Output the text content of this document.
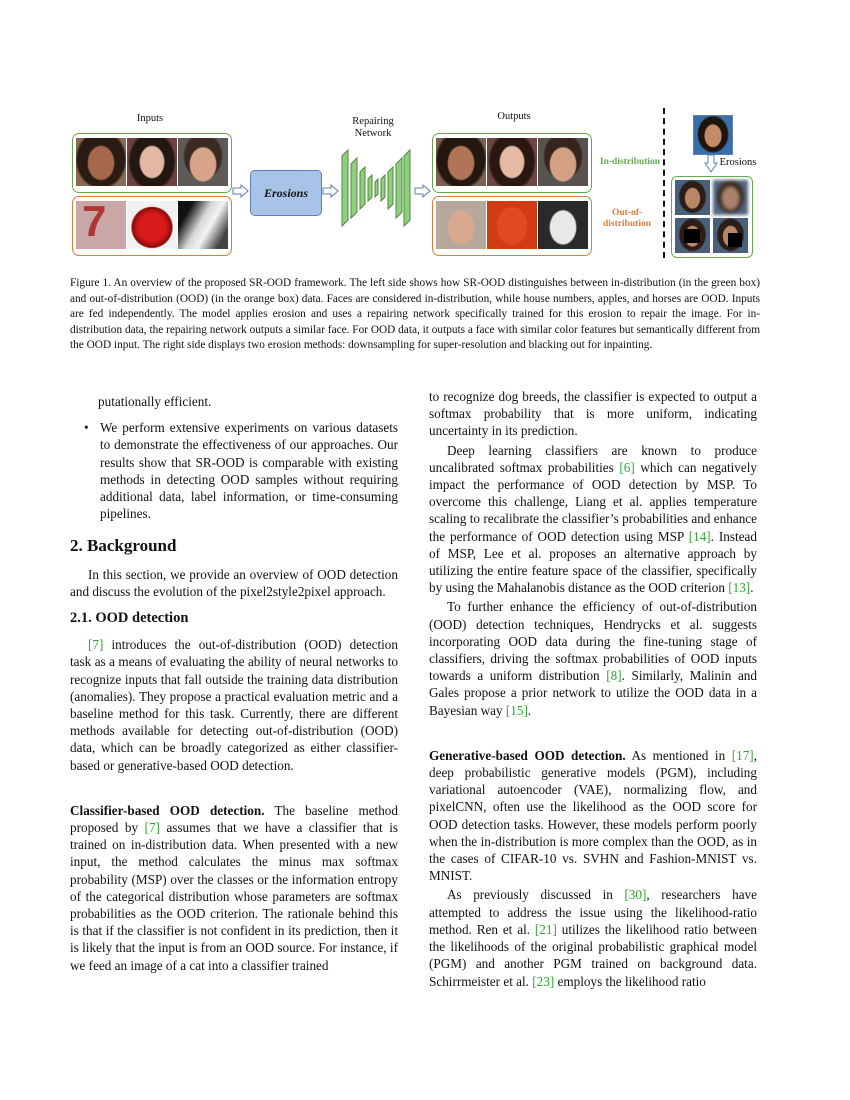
Inputs	Repairing
Network
Outputs
7
Erosions
In-distribution
Out-of-
distribution
Erosions
Figure 1. An overview of the proposed SR-OOD framework. The left side shows how SR-OOD distinguishes between in-distribution (in the green box) and out-of-distribution (OOD) (in the orange box) data. Faces are considered in-distribution, while house numbers, apples, and horses are OOD. Inputs are fed independently. The model applies erosion and uses a repairing network specifically trained for this erosion to repair the image. For in-distribution data, the repairing network outputs a similar face. For OOD data, it outputs a face with similar color features but semantically different from the OOD input. The right side displays two erosion methods: downsampling for super-resolution and blacking out for inpainting.

putationally efficient.

• We perform extensive experiments on various datasets to demonstrate the effectiveness of our approaches. Our results show that SR-OOD is comparable with existing methods in detecting OOD samples without requiring additional data, label information, or time-consuming pipelines.
2. Background

In this section, we provide an overview of OOD detection and discuss the evolution of the pixel2style2pixel approach.

2.1. OOD detection

[7] introduces the out-of-distribution (OOD) detection task as a means of evaluating the ability of neural networks to recognize inputs that fall outside the training data distribution (anomalies). They propose a practical evaluation metric and a baseline method for this task. Currently, there are different methods available for detecting out-of-distribution (OOD) data, which can be broadly categorized as either classifier-based or generative-based OOD detection.

Classifier-based OOD detection. The baseline method proposed by [7] assumes that we have a classifier that is trained on in-distribution data. When presented with a new input, the method calculates the minus max softmax probability (MSP) over the classes or the information entropy of the categorical distribution whose parameters are softmax probabilities as the OOD criterion. The rationale behind this is that if the classifier is not confident in its prediction, then it is likely that the input is from an OOD source. For instance, if we feed an image of a cat into a classifier trained

to recognize dog breeds, the classifier is expected to output a softmax probability that is more uniform, indicating uncertainty in its prediction.

Deep learning classifiers are known to produce uncalibrated softmax probabilities [6] which can negatively impact the performance of OOD detection by MSP. To overcome this challenge, Liang et al. applies temperature scaling to recalibrate the classifier’s probabilities and enhance the performance of OOD detection using MSP [14]. Instead of MSP, Lee et al. proposes an alternative approach by utilizing the entire feature space of the classifier, specifically by using the Mahalanobis distance as the OOD criterion [13].

To further enhance the efficiency of out-of-distribution (OOD) detection techniques, Hendrycks et al. suggests incorporating OOD data during the fine-tuning stage of classifiers, driving the softmax probabilities of OOD inputs towards a uniform distribution [8]. Similarly, Malinin and Gales propose a prior network to utilize the OOD data in a Bayesian way [15].

Generative-based OOD detection. As mentioned in [17], deep probabilistic generative models (PGM), including variational autoencoder (VAE), normalizing flow, and pixelCNN, often use the likelihood as the OOD score for OOD detection tasks. However, these models perform poorly when the in-distribution is more complex than the OOD, as in the cases of CIFAR-10 vs. SVHN and Fashion-MNIST vs. MNIST.

As previously discussed in [30], researchers have attempted to address the issue using the likelihood-ratio method. Ren et al. [21] utilizes the likelihood ratio between the likelihoods of the original probabilistic graphical model (PGM) and another PGM trained on background data. Schirrmeister et al. [23] employs the likelihood ratio
